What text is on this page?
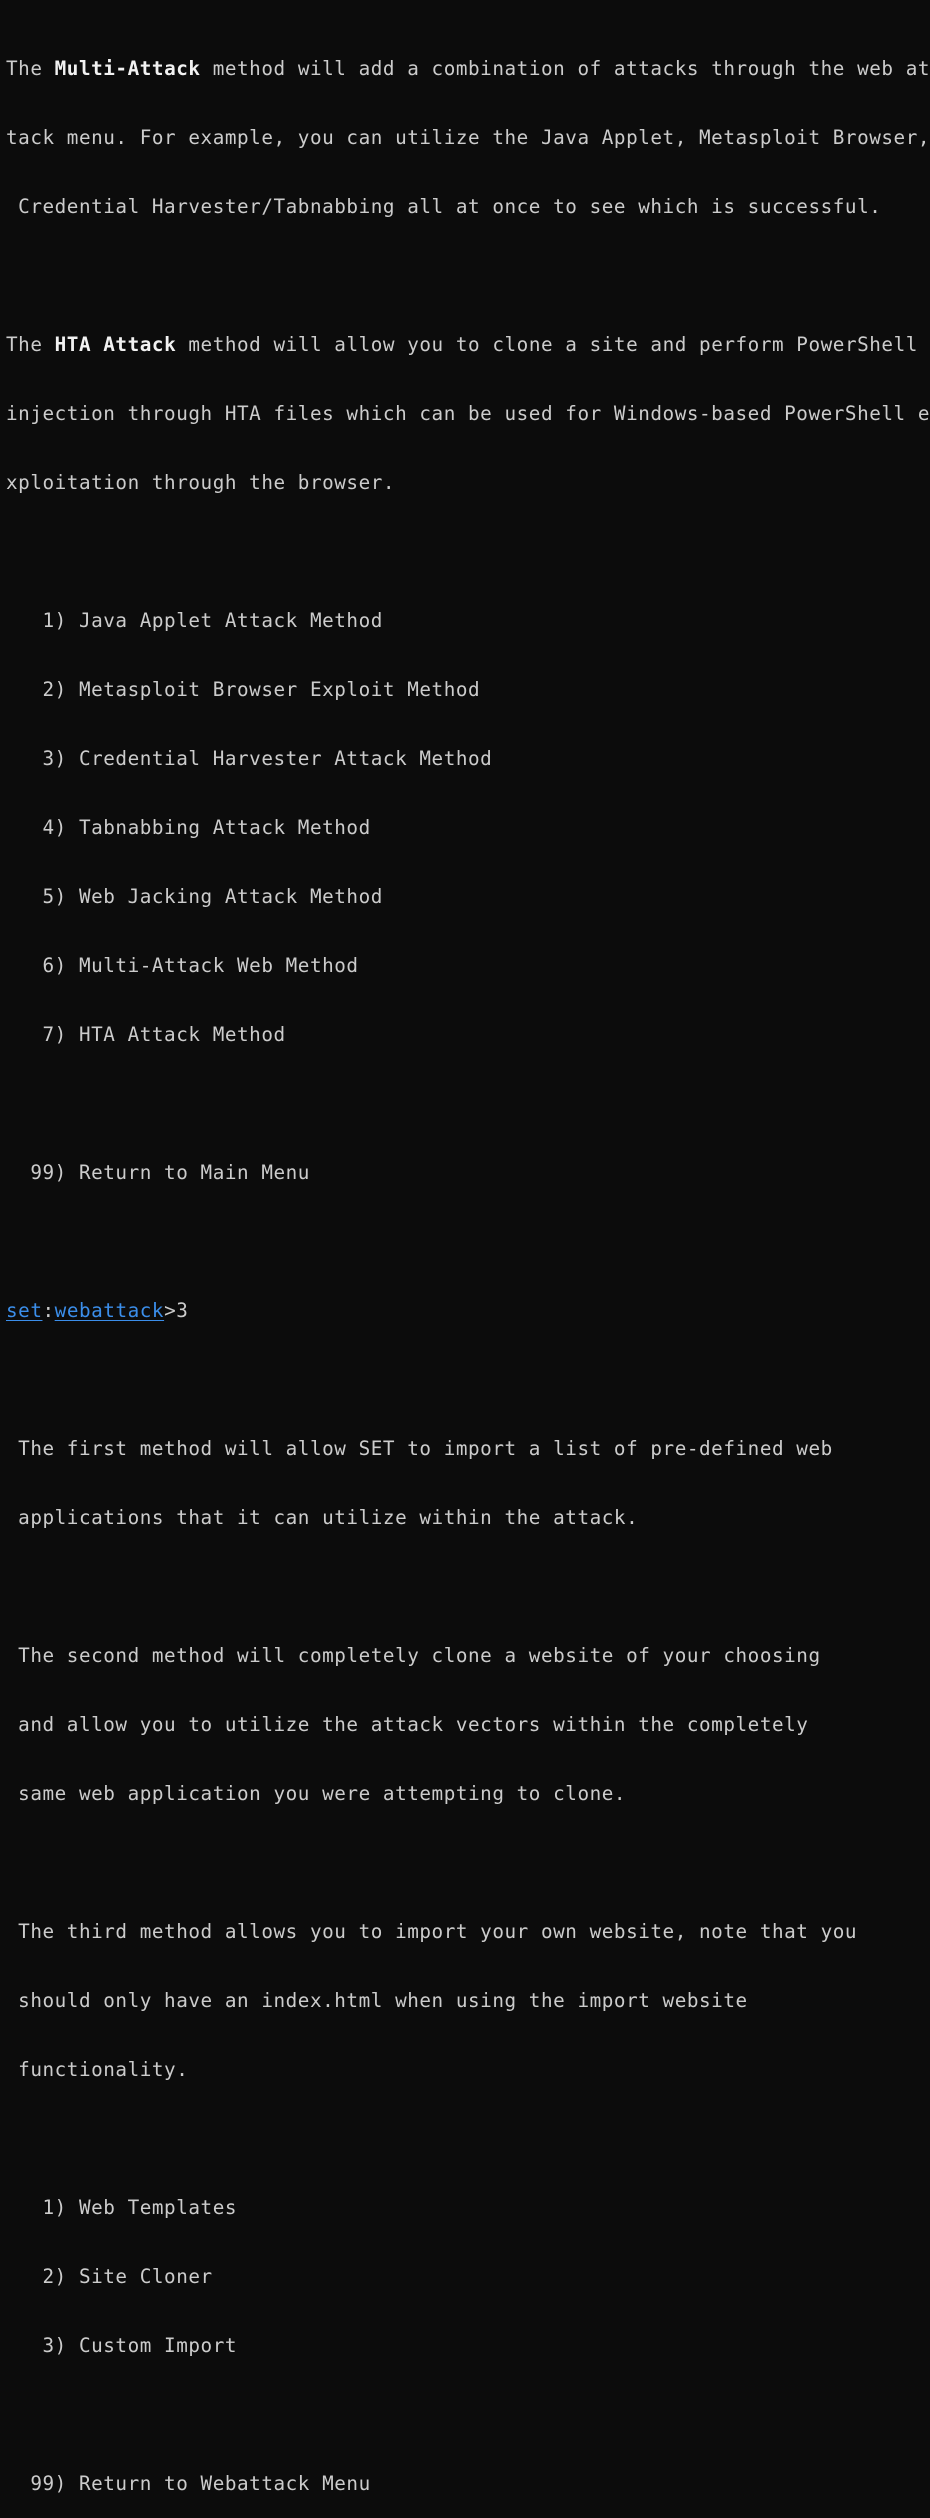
The Multi-Attack method will add a combination of attacks through the web at

tack menu. For example, you can utilize the Java Applet, Metasploit Browser,

Credential Harvester/Tabnabbing all at once to see which is successful.

The HTA Attack method will allow you to clone a site and perform PowerShell

injection through HTA files which can be used for Windows-based PowerShell e

xploitation through the browser.

1) Java Applet Attack Method

2) Metasploit Browser Exploit Method

3) Credential Harvester Attack Method

4) Tabnabbing Attack Method

5) Web Jacking Attack Method

6) Multi-Attack Web Method

7) HTA Attack Method

99) Return to Main Menu

set:webattack>3

The first method will allow SET to import a list of pre-defined web

applications that it can utilize within the attack.

The second method will completely clone a website of your choosing

and allow you to utilize the attack vectors within the completely

same web application you were attempting to clone.

The third method allows you to import your own website, note that you

should only have an index.html when using the import website

functionality.

1) Web Templates

2) Site Cloner

3) Custom Import

99) Return to Webattack Menu
